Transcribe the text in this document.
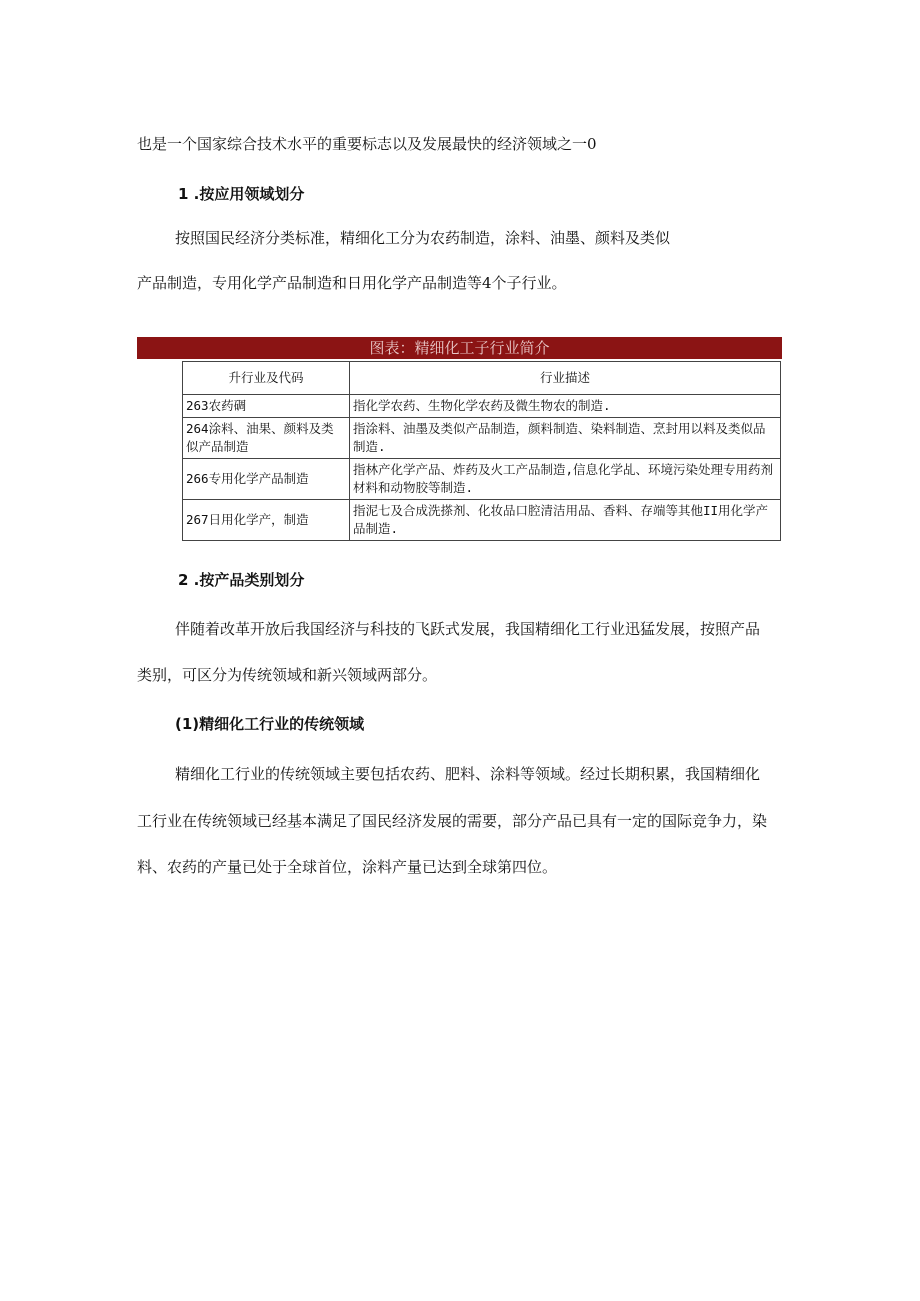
也是一个国家综合技术水平的重要标志以及发展最快的经济领域之一0
1 .按应用领域划分
按照国民经济分类标准，精细化工分为农药制造，涂料、油墨、颜料及类似
产品制造，专用化学产品制造和日用化学产品制造等4个子行业。
图表：精细化工子行业简介
升行业及代码	行业描述
263农药碉	指化学农药、生物化学农药及微生物农的制造.
264涂料、油果、颜料及类似产品制造	指涂料、油墨及类似产品制造，颜料制造、染料制造、烹封用以料及类似品制造.
266专用化学产品制造	指林产化学产品、炸药及火工产品制造,信息化学乩、环境污染处理专用药剂材料和动物胶等制造.
267日用化学产，制造	指泥七及合成洗搽剂、化妆品口腔清洁用品、香料、存端等其他II用化学产品制造.
2 .按产品类别划分
伴随着改革开放后我国经济与科技的飞跃式发展，我国精细化工行业迅猛发展，按照产品
类别，可区分为传统领域和新兴领域两部分。
(1)精细化工行业的传统领域
精细化工行业的传统领域主要包括农药、肥料、涂料等领域。经过长期积累，我国精细化
工行业在传统领域已经基本满足了国民经济发展的需要，部分产品已具有一定的国际竞争力，染
料、农药的产量已处于全球首位，涂料产量已达到全球第四位。
